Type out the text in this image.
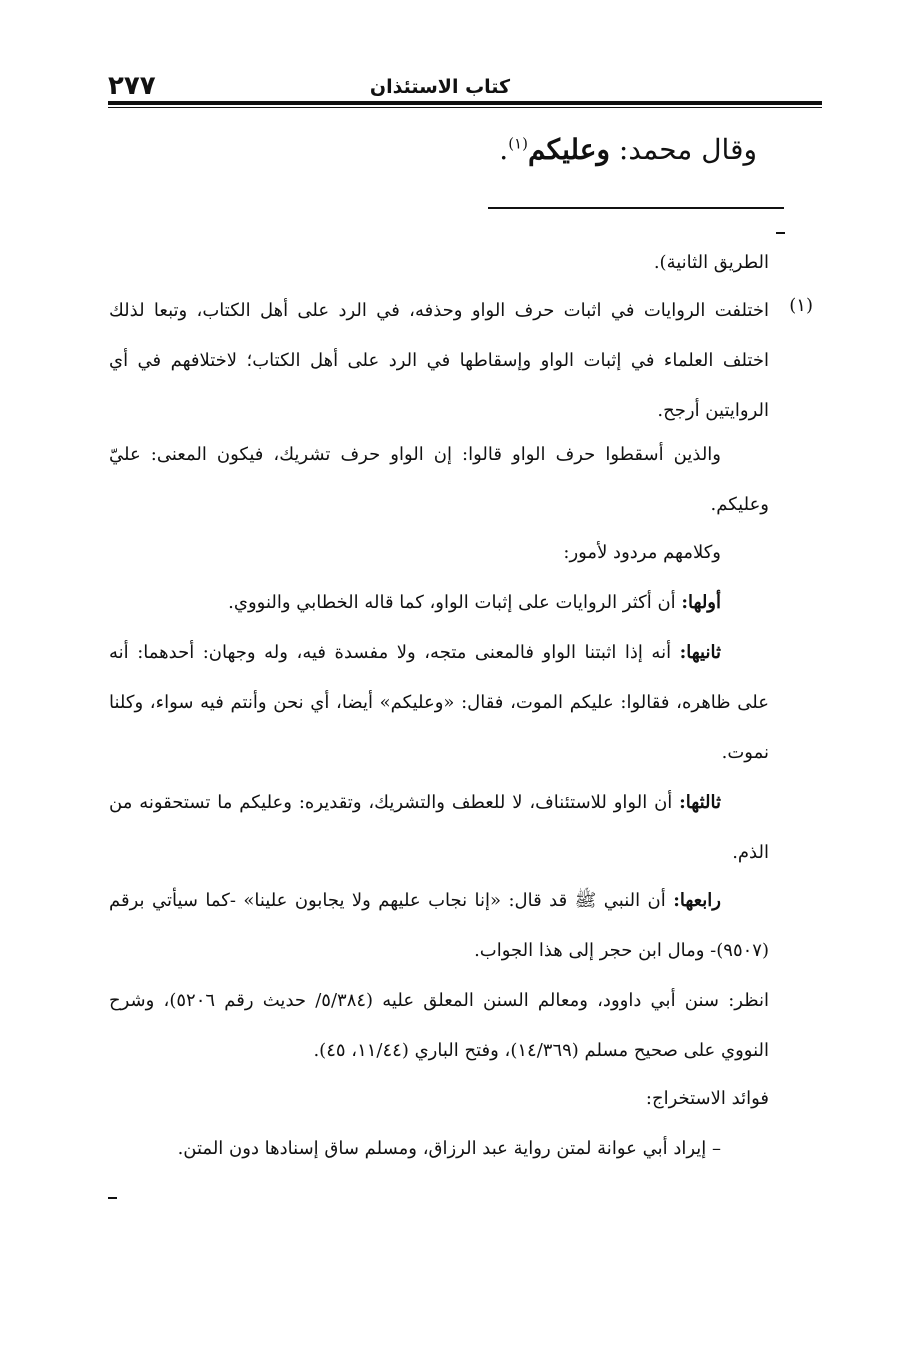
٢٧٧	كتاب الاستئذان
وقال محمد: وعليكم$^{(١)}$.
الطريق الثانية).
(١)
اختلفت الروايات في اثبات حرف الواو وحذفه، في الرد على أهل الكتاب، وتبعا لذلك اختلف العلماء في إثبات الواو وإسقاطها في الرد على أهل الكتاب؛ لاختلافهم في أي الروايتين أرجح.
والذين أسقطوا حرف الواو قالوا: إن الواو حرف تشريك، فيكون المعنى: عليّ وعليكم.
وكلامهم مردود لأمور:
أولها: أن أكثر الروايات على إثبات الواو، كما قاله الخطابي والنووي.
ثانيها: أنه إذا اثبتنا الواو فالمعنى متجه، ولا مفسدة فيه، وله وجهان: أحدهما: أنه على ظاهره، فقالوا: عليكم الموت، فقال: «وعليكم» أيضا، أي نحن وأنتم فيه سواء، وكلنا نموت.
ثالثها: أن الواو للاستئناف، لا للعطف والتشريك، وتقديره: وعليكم ما تستحقونه من الذم.
رابعها: أن النبي ﷺ قد قال: «إنا نجاب عليهم ولا يجابون علينا» -كما سيأتي برقم (٩٥٠٧)- ومال ابن حجر إلى هذا الجواب.
انظر: سنن أبي داوود، ومعالم السنن المعلق عليه (٥/٣٨٤/ حديث رقم ٥٢٠٦)، وشرح النووي على صحيح مسلم (١٤/٣٦٩)، وفتح الباري (١١/٤٤، ٤٥).
فوائد الاستخراج:
– إيراد أبي عوانة لمتن رواية عبد الرزاق، ومسلم ساق إسنادها دون المتن.
